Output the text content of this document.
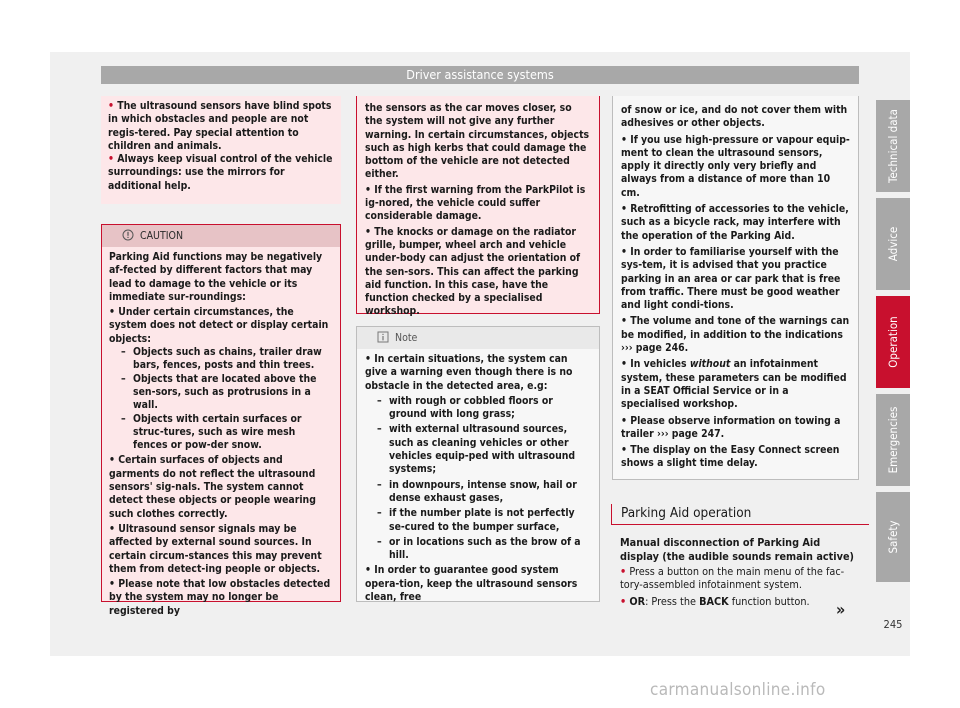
Driver assistance systems

• The ultrasound sensors have blind spots in which obstacles and people are not regis-tered. Pay special attention to children and animals.

• Always keep visual control of the vehicle surroundings: use the mirrors for additional help.

CAUTION

Parking Aid functions may be negatively af-fected by different factors that may lead to damage to the vehicle or its immediate sur-roundings:

• Under certain circumstances, the system does not detect or display certain objects:

– Objects such as chains, trailer draw bars, fences, posts and thin trees.

– Objects that are located above the sen-sors, such as protrusions in a wall.

– Objects with certain surfaces or struc-tures, such as wire mesh fences or pow-der snow.

• Certain surfaces of objects and garments do not reflect the ultrasound sensors' sig-nals. The system cannot detect these objects or people wearing such clothes correctly.

• Ultrasound sensor signals may be affected by external sound sources. In certain circum-stances this may prevent them from detect-ing people or objects.

• Please note that low obstacles detected by the system may no longer be registered by

the sensors as the car moves closer, so the system will not give any further warning. In certain circumstances, objects such as high kerbs that could damage the bottom of the vehicle are not detected either.

• If the first warning from the ParkPilot is ig-nored, the vehicle could suffer considerable damage.

• The knocks or damage on the radiator grille, bumper, wheel arch and vehicle under-body can adjust the orientation of the sen-sors. This can affect the parking aid function. In this case, have the function checked by a specialised workshop.

Note

• In certain situations, the system can give a warning even though there is no obstacle in the detected area, e.g:

– with rough or cobbled floors or ground with long grass;

– with external ultrasound sources, such as cleaning vehicles or other vehicles equip-ped with ultrasound systems;

– in downpours, intense snow, hail or dense exhaust gases,

– if the number plate is not perfectly se-cured to the bumper surface,

– or in locations such as the brow of a hill.

• In order to guarantee good system opera-tion, keep the ultrasound sensors clean, free

of snow or ice, and do not cover them with adhesives or other objects.

• If you use high-pressure or vapour equip-ment to clean the ultrasound sensors, apply it directly only very briefly and always from a distance of more than 10 cm.

• Retrofitting of accessories to the vehicle, such as a bicycle rack, may interfere with the operation of the Parking Aid.

• In order to familiarise yourself with the sys-tem, it is advised that you practice parking in an area or car park that is free from traffic. There must be good weather and light condi-tions.

• The volume and tone of the warnings can be modified, in addition to the indications ››› page 246.

• In vehicles without an infotainment system, these parameters can be modified in a SEAT Official Service or in a specialised workshop.

• Please observe information on towing a trailer ››› page 247.

• The display on the Easy Connect screen shows a slight time delay.

Parking Aid operation

Manual disconnection of Parking Aid display (the audible sounds remain active)

• Press a button on the main menu of the fac-tory-assembled infotainment system.

• OR: Press the BACK function button.	»
Technical data
Advice
Operation
Emergencies
Safety
245
carmanualsonline.info
